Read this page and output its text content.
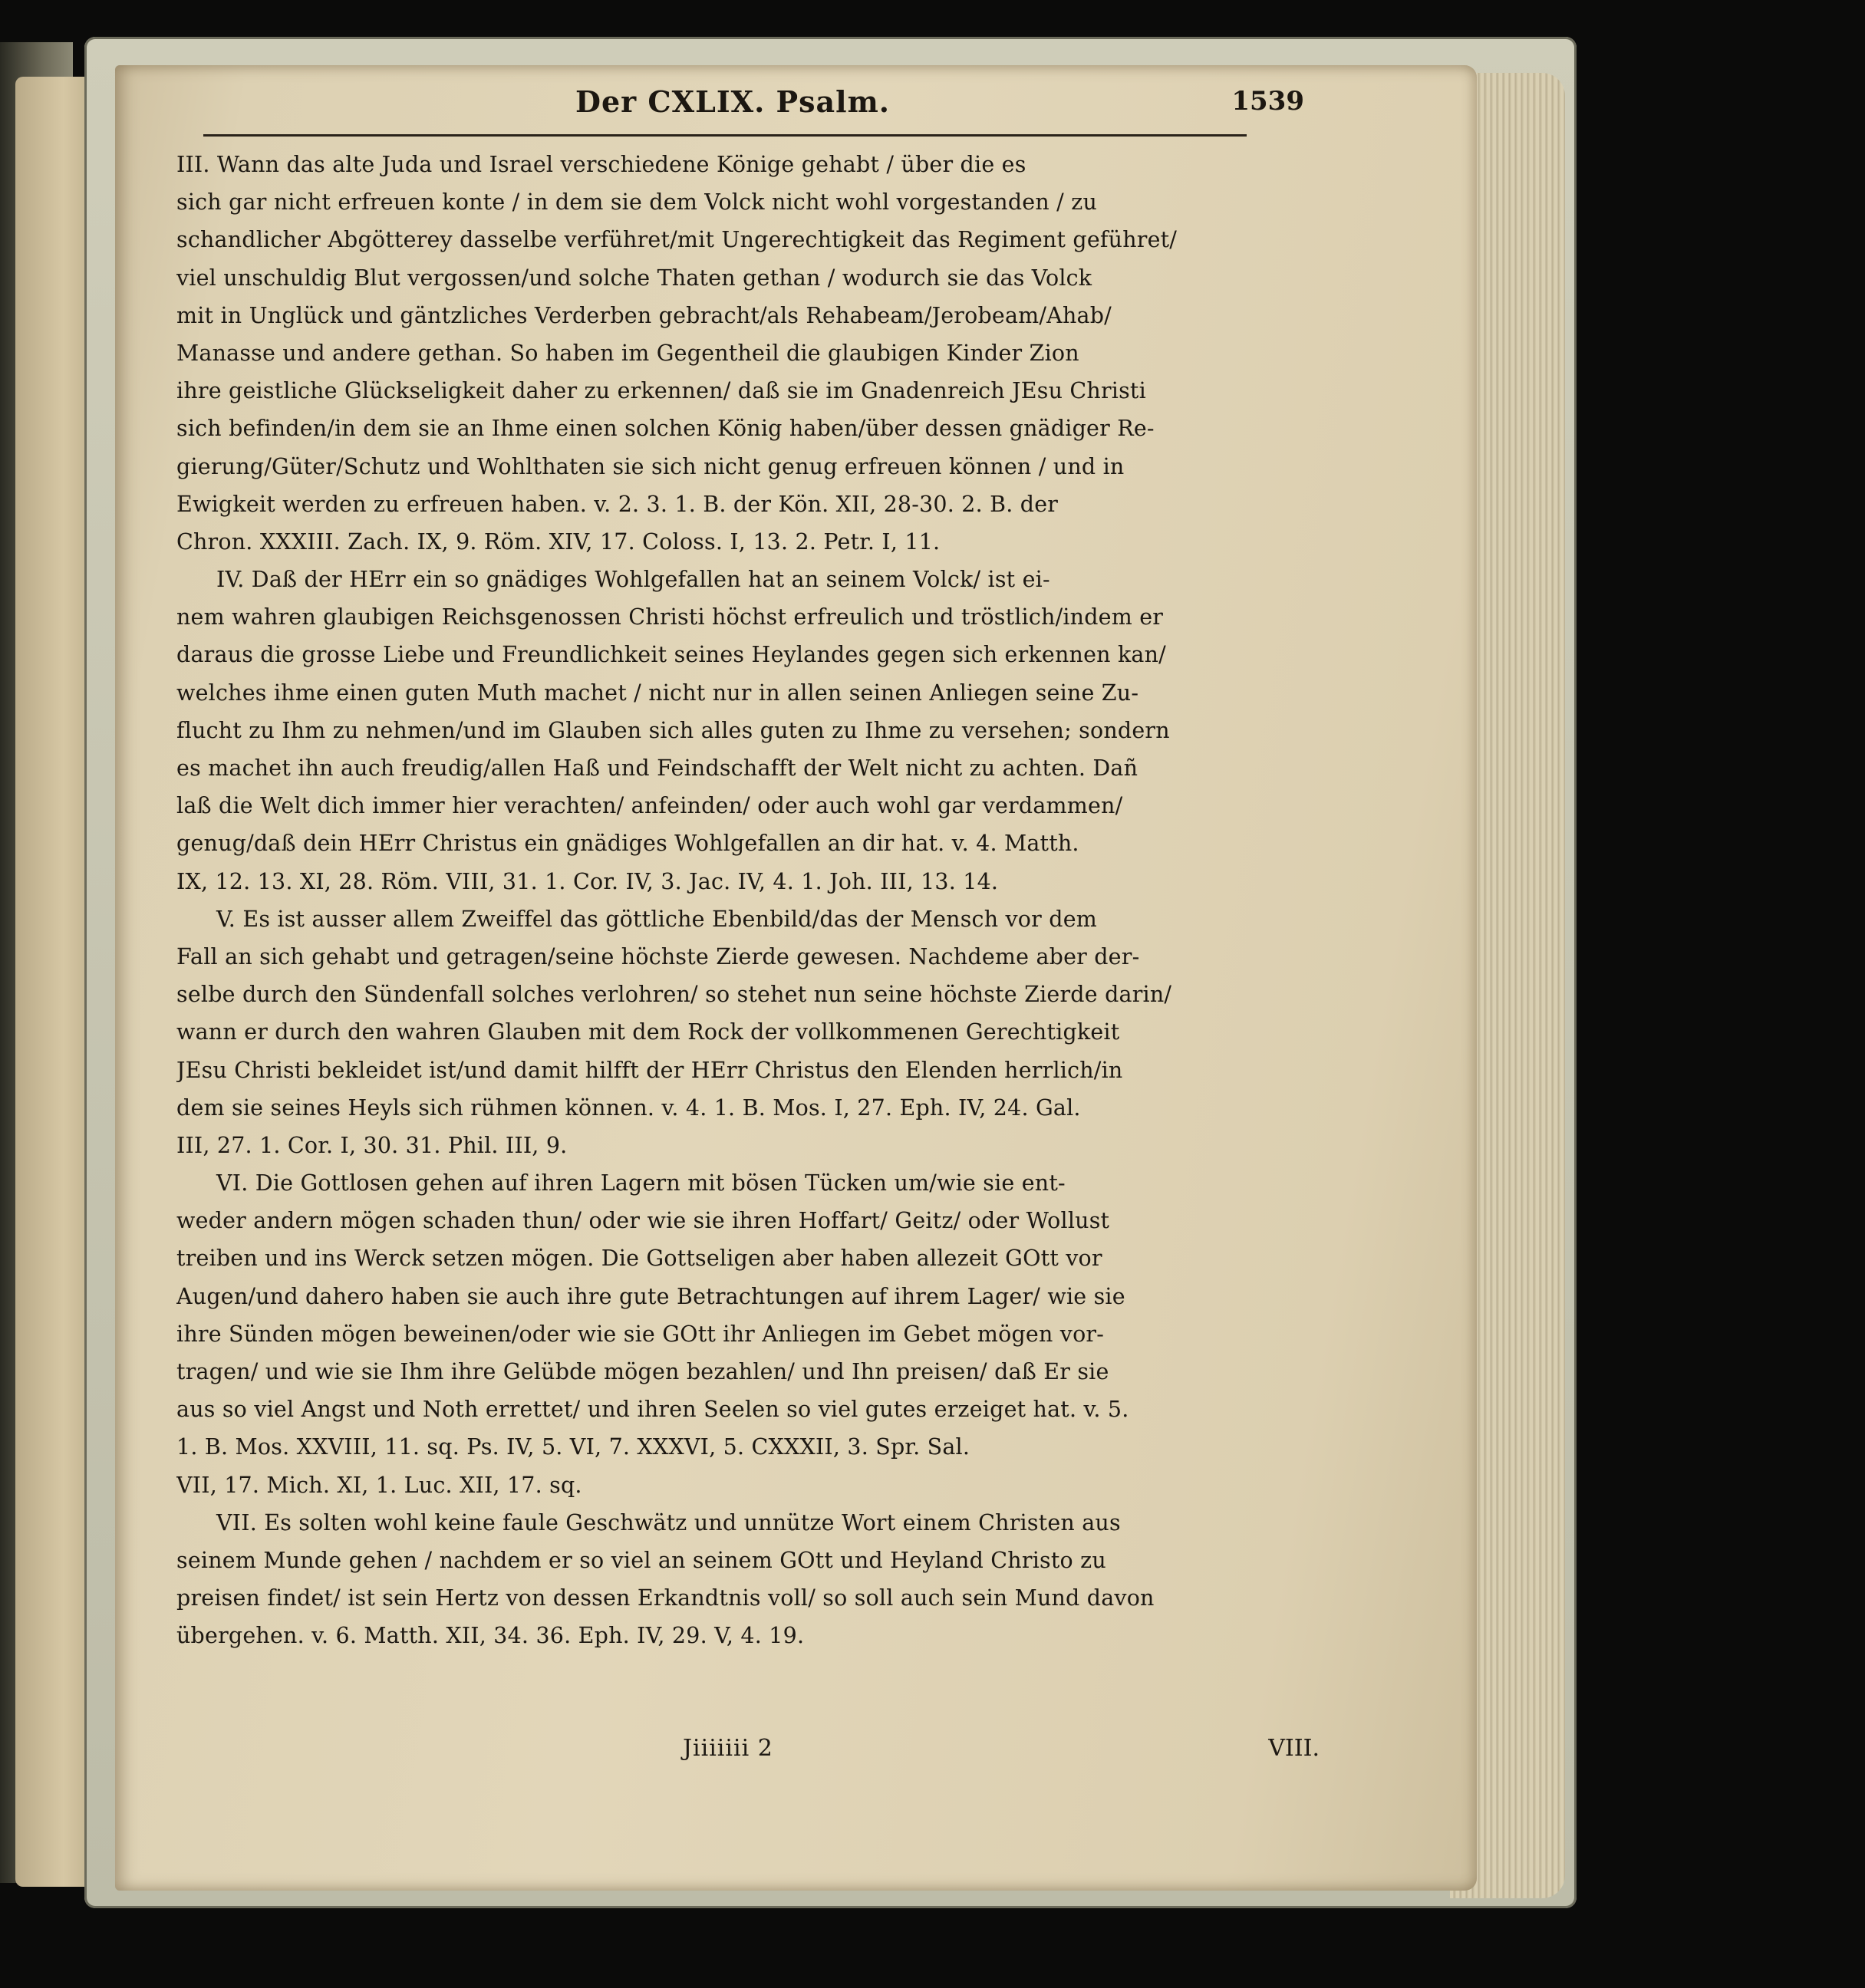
Der CXLIX. Psalm.	1539
III. Wann das alte Juda und Israel verschiedene Könige gehabt / über die es
sich gar nicht erfreuen konte / in dem sie dem Volck nicht wohl vorgestanden / zu
schandlicher Abgötterey dasselbe verführet/mit Ungerechtigkeit das Regiment geführet/
viel unschuldig Blut vergossen/und solche Thaten gethan / wodurch sie das Volck
mit in Unglück und gäntzliches Verderben gebracht/als Rehabeam/Jerobeam/Ahab/
Manasse und andere gethan. So haben im Gegentheil die glaubigen Kinder Zion
ihre geistliche Glückseligkeit daher zu erkennen/ daß sie im Gnadenreich JEsu Christi
sich befinden/in dem sie an Ihme einen solchen König haben/über dessen gnädiger Re-
gierung/Güter/Schutz und Wohlthaten sie sich nicht genug erfreuen können / und in
Ewigkeit werden zu erfreuen haben. v. 2. 3. 1. B. der Kön. XII, 28-30. 2. B. der
Chron. XXXIII. Zach. IX, 9. Röm. XIV, 17. Coloss. I, 13. 2. Petr. I, 11.
IV. Daß der HErr ein so gnädiges Wohlgefallen hat an seinem Volck/ ist ei-
nem wahren glaubigen Reichsgenossen Christi höchst erfreulich und tröstlich/indem er
daraus die grosse Liebe und Freundlichkeit seines Heylandes gegen sich erkennen kan/
welches ihme einen guten Muth machet / nicht nur in allen seinen Anliegen seine Zu-
flucht zu Ihm zu nehmen/und im Glauben sich alles guten zu Ihme zu versehen; sondern
es machet ihn auch freudig/allen Haß und Feindschafft der Welt nicht zu achten. Dañ
laß die Welt dich immer hier verachten/ anfeinden/ oder auch wohl gar verdammen/
genug/daß dein HErr Christus ein gnädiges Wohlgefallen an dir hat. v. 4. Matth.
IX, 12. 13. XI, 28. Röm. VIII, 31. 1. Cor. IV, 3. Jac. IV, 4. 1. Joh. III, 13. 14.
V. Es ist ausser allem Zweiffel das göttliche Ebenbild/das der Mensch vor dem
Fall an sich gehabt und getragen/seine höchste Zierde gewesen. Nachdeme aber der-
selbe durch den Sündenfall solches verlohren/ so stehet nun seine höchste Zierde darin/
wann er durch den wahren Glauben mit dem Rock der vollkommenen Gerechtigkeit
JEsu Christi bekleidet ist/und damit hilfft der HErr Christus den Elenden herrlich/in
dem sie seines Heyls sich rühmen können. v. 4. 1. B. Mos. I, 27. Eph. IV, 24. Gal.
III, 27. 1. Cor. I, 30. 31. Phil. III, 9.
VI. Die Gottlosen gehen auf ihren Lagern mit bösen Tücken um/wie sie ent-
weder andern mögen schaden thun/ oder wie sie ihren Hoffart/ Geitz/ oder Wollust
treiben und ins Werck setzen mögen. Die Gottseligen aber haben allezeit GOtt vor
Augen/und dahero haben sie auch ihre gute Betrachtungen auf ihrem Lager/ wie sie
ihre Sünden mögen beweinen/oder wie sie GOtt ihr Anliegen im Gebet mögen vor-
tragen/ und wie sie Ihm ihre Gelübde mögen bezahlen/ und Ihn preisen/ daß Er sie
aus so viel Angst und Noth errettet/ und ihren Seelen so viel gutes erzeiget hat. v. 5.
1. B. Mos. XXVIII, 11. sq. Ps. IV, 5. VI, 7. XXXVI, 5. CXXXII, 3. Spr. Sal.
VII, 17. Mich. XI, 1. Luc. XII, 17. sq.
VII. Es solten wohl keine faule Geschwätz und unnütze Wort einem Christen aus
seinem Munde gehen / nachdem er so viel an seinem GOtt und Heyland Christo zu
preisen findet/ ist sein Hertz von dessen Erkandtnis voll/ so soll auch sein Mund davon
übergehen. v. 6. Matth. XII, 34. 36. Eph. IV, 29. V, 4. 19.
Jiiiiiii 2	VIII.
